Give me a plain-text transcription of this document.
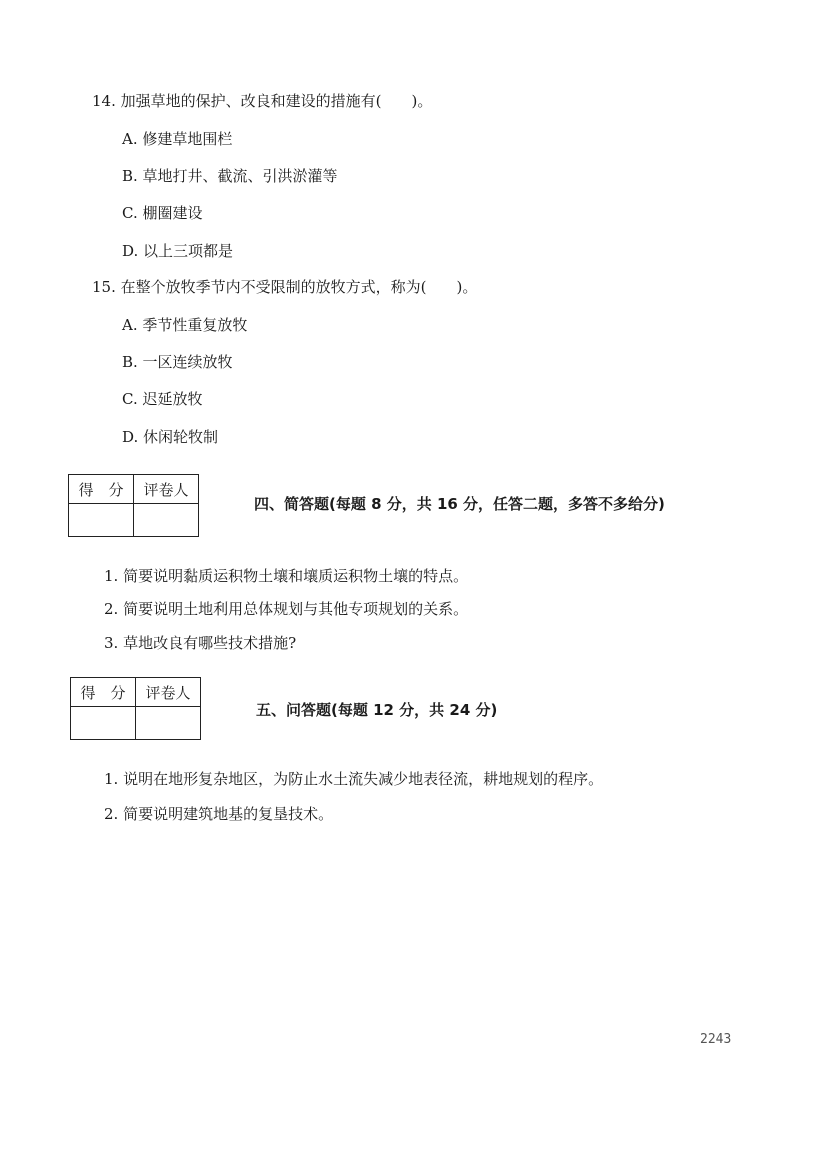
14. 加强草地的保护、改良和建设的措施有(　　)。
A. 修建草地围栏
B. 草地打井、截流、引洪淤灌等
C. 棚圈建设
D. 以上三项都是
15. 在整个放牧季节内不受限制的放牧方式，称为(　　)。
A. 季节性重复放牧
B. 一区连续放牧
C. 迟延放牧
D. 休闲轮牧制
得　分	评卷人

四、简答题(每题 8 分，共 16 分，任答二题，多答不多给分)
1. 简要说明黏质运积物土壤和壤质运积物土壤的特点。
2. 简要说明土地利用总体规划与其他专项规划的关系。
3. 草地改良有哪些技术措施?
得　分	评卷人

五、问答题(每题 12 分，共 24 分)
1. 说明在地形复杂地区，为防止水土流失减少地表径流，耕地规划的程序。
2. 简要说明建筑地基的复垦技术。
2243
